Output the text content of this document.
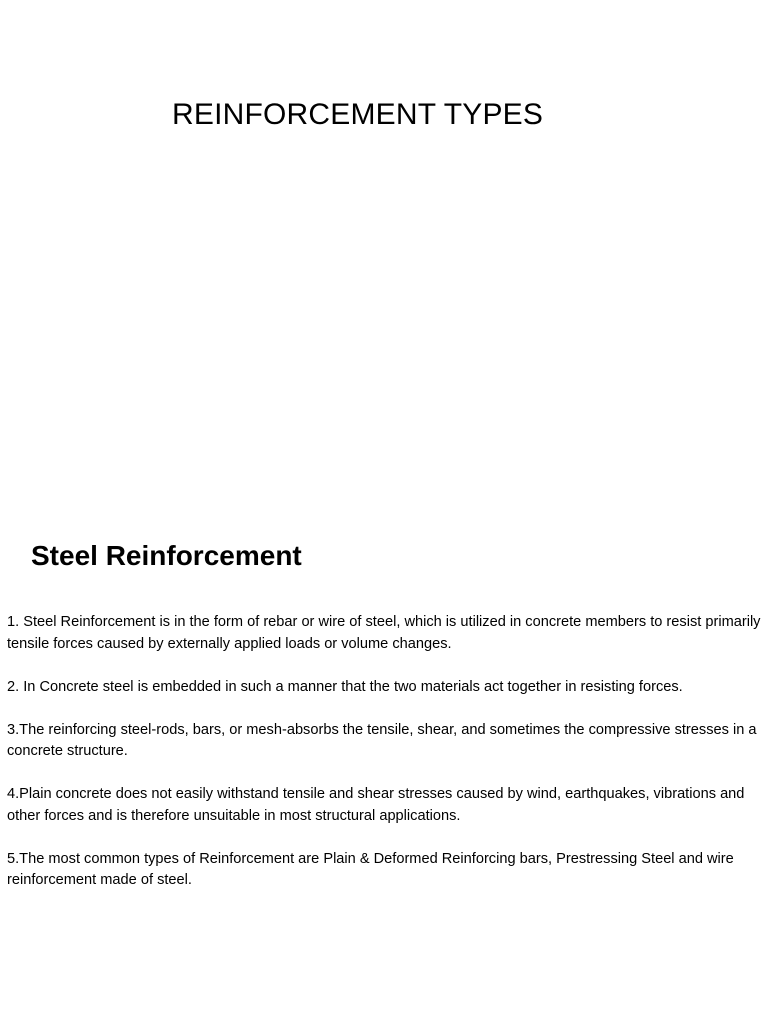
REINFORCEMENT TYPES
Steel Reinforcement
1. Steel Reinforcement is in the form of rebar or wire of steel, which is utilized in concrete members to resist primarily tensile forces caused by externally applied loads or volume changes.
2. In Concrete steel is embedded in such a manner that the two materials act together in resisting forces.
3.The reinforcing steel-rods, bars, or mesh-absorbs the tensile, shear, and sometimes the compressive stresses in a concrete structure.
4.Plain concrete does not easily withstand tensile and shear stresses caused by wind, earthquakes, vibrations and other forces and is therefore unsuitable in most structural applications.
5.The most common types of Reinforcement are Plain & Deformed Reinforcing bars, Prestressing Steel and wire reinforcement made of steel.
